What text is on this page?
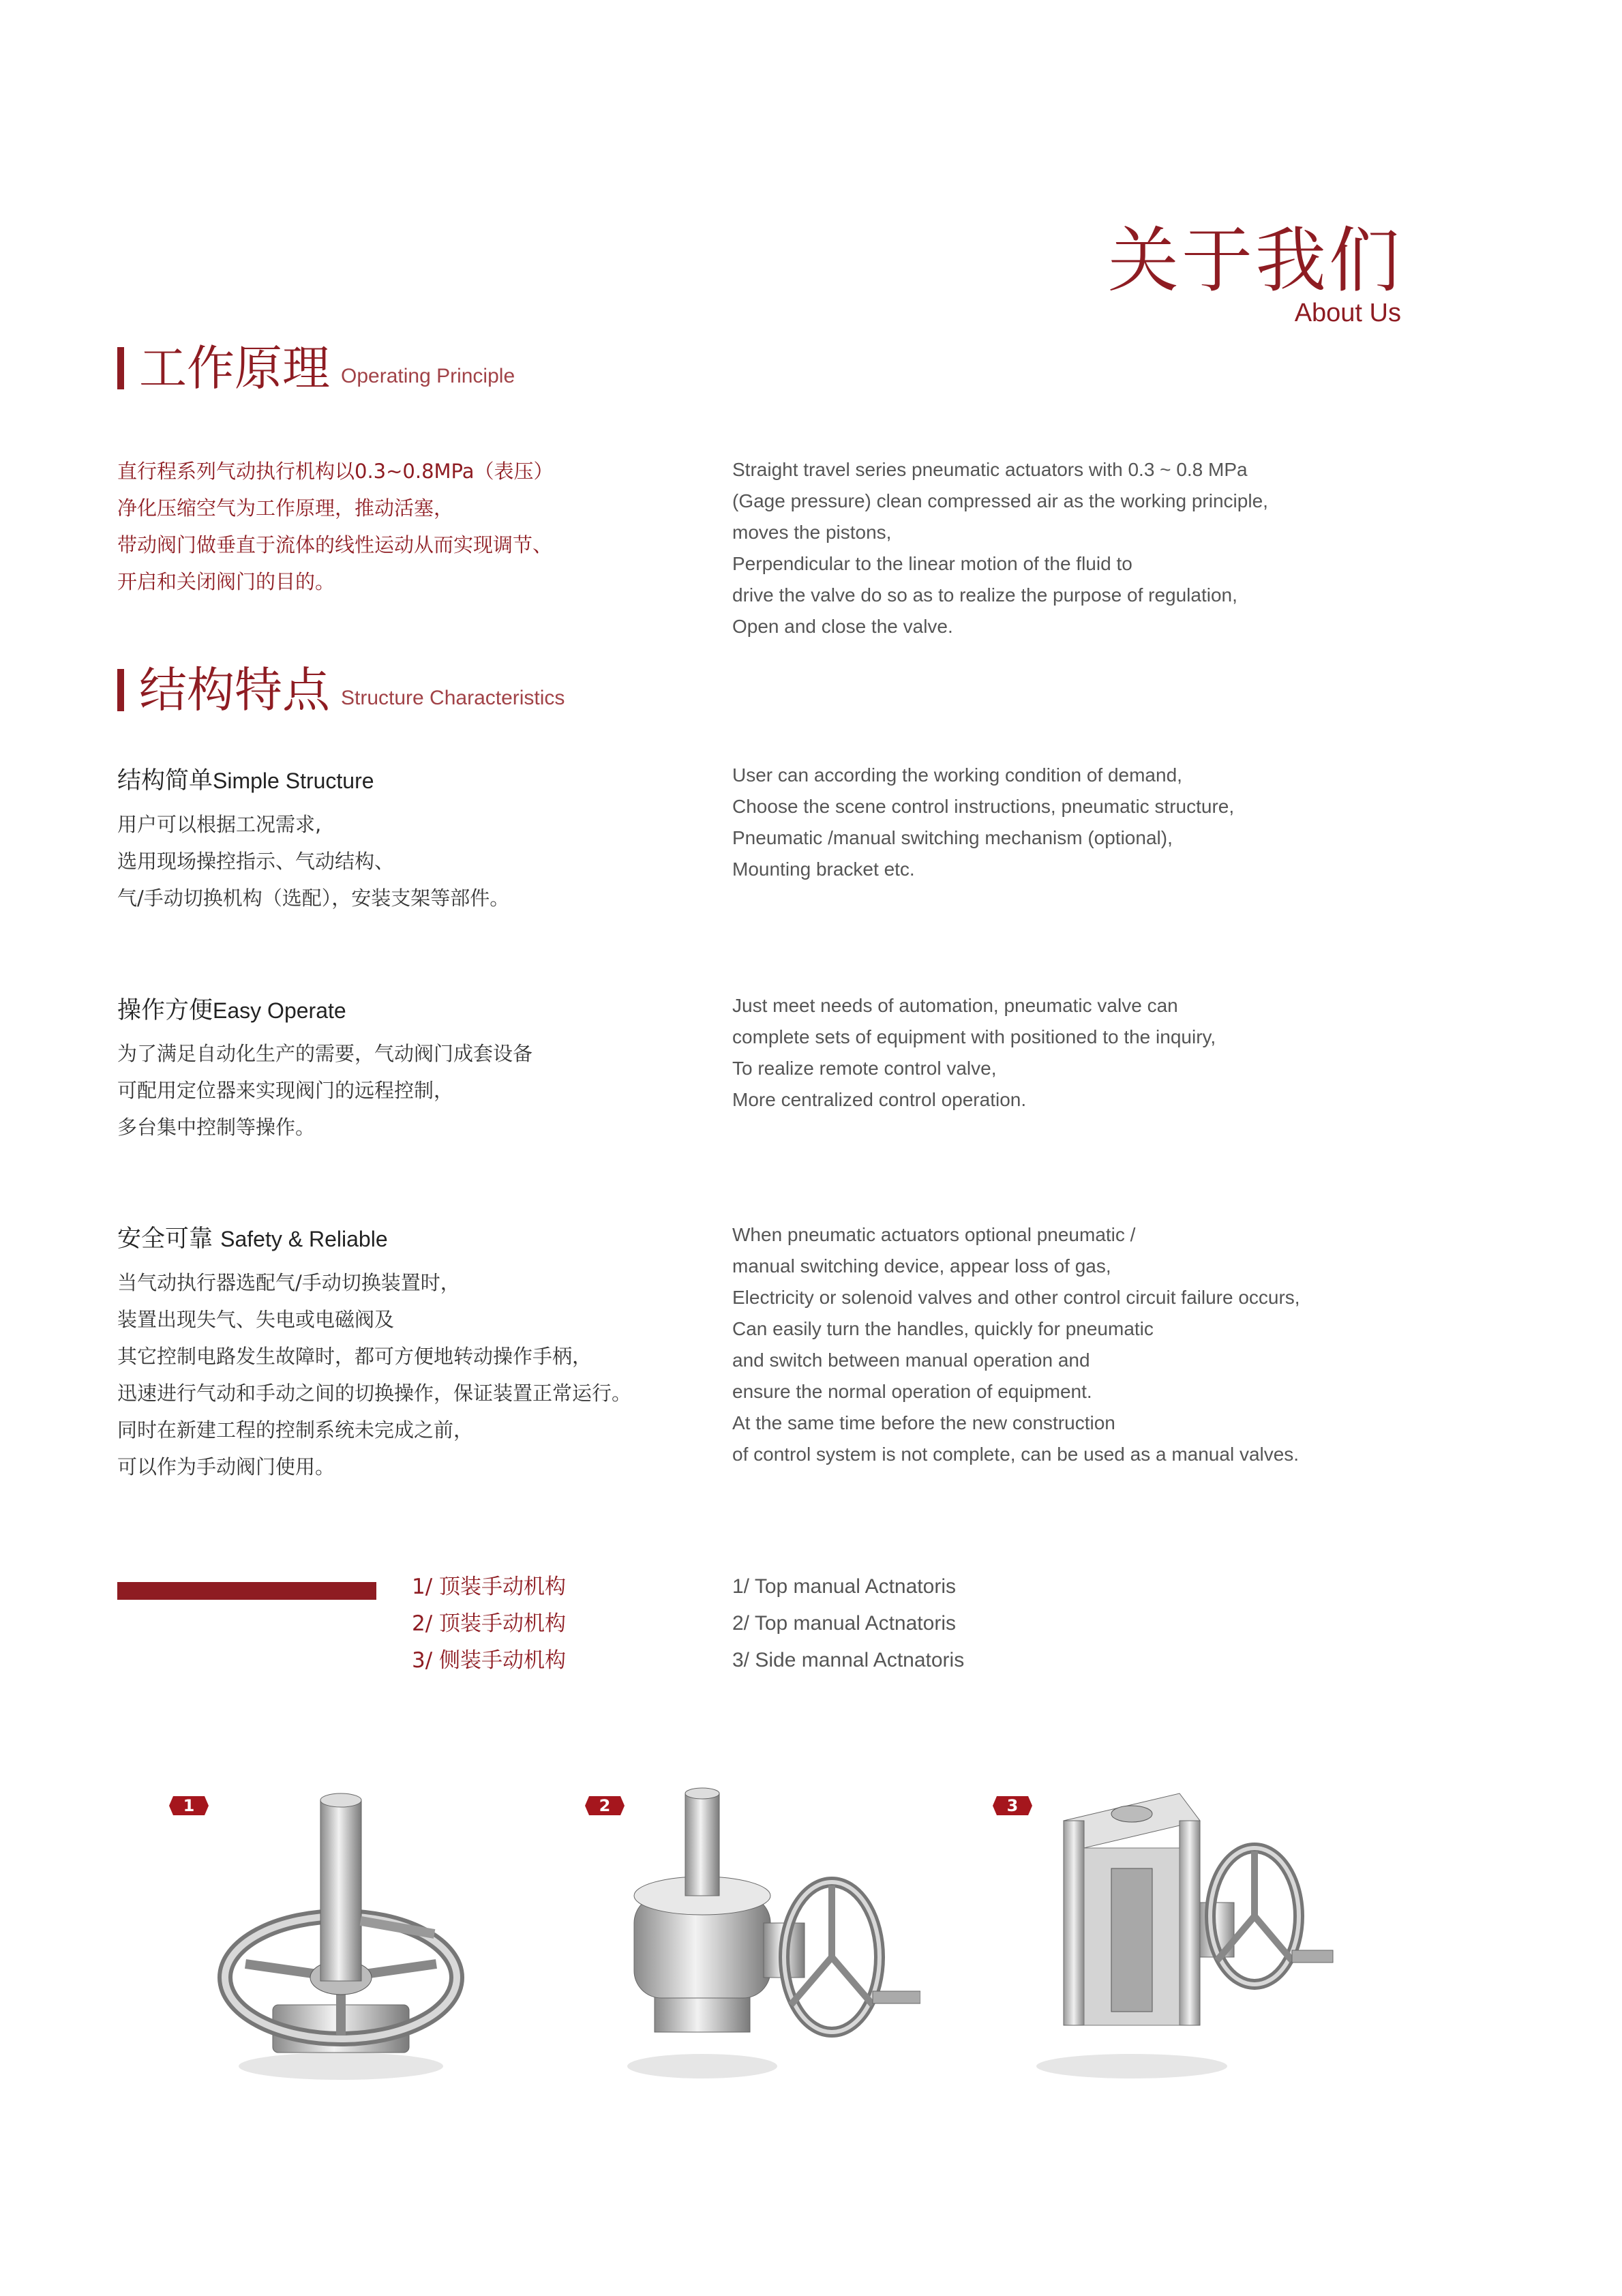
关于我们
About Us
工作原理 Operating Principle
直行程系列气动执行机构以0.3~0.8MPa（表压）
净化压缩空气为工作原理，推动活塞，
带动阀门做垂直于流体的线性运动从而实现调节、
开启和关闭阀门的目的。
Straight travel series pneumatic actuators with 0.3 ~ 0.8 MPa
(Gage pressure) clean compressed air as the working principle,
moves the pistons,
Perpendicular to the linear motion of the fluid to
drive the valve do so as to realize the purpose of regulation,
Open and close the valve.
结构特点 Structure Characteristics
结构简单Simple Structure
用户可以根据工况需求,
选用现场操控指示、气动结构、
气/手动切换机构（选配），安装支架等部件。
User can according the working condition of demand,
Choose the scene control instructions, pneumatic structure,
Pneumatic /manual switching mechanism (optional),
Mounting bracket etc.
操作方便Easy Operate
为了满足自动化生产的需要，气动阀门成套设备
可配用定位器来实现阀门的远程控制，
多台集中控制等操作。
Just meet needs of automation, pneumatic valve can
complete sets of equipment with positioned to the inquiry,
To realize remote control valve,
More centralized control operation.
安全可靠 Safety & Reliable
当气动执行器选配气/手动切换装置时，
装置出现失气、失电或电磁阀及
其它控制电路发生故障时，都可方便地转动操作手柄，
迅速进行气动和手动之间的切换操作，保证装置正常运行。
同时在新建工程的控制系统未完成之前，
可以作为手动阀门使用。
When pneumatic actuators optional pneumatic /
manual switching device, appear loss of gas,
Electricity or solenoid valves and other control circuit failure occurs,
Can easily turn the handles, quickly for pneumatic
and switch between manual operation and
ensure the normal operation of equipment.
At the same time before the new construction
of control system is not complete, can be used as a manual valves.
1/ 顶装手动机构
2/ 顶装手动机构
3/ 侧装手动机构
1/ Top manual Actnatoris
2/ Top manual Actnatoris
3/ Side mannal Actnatoris
1	2	3
